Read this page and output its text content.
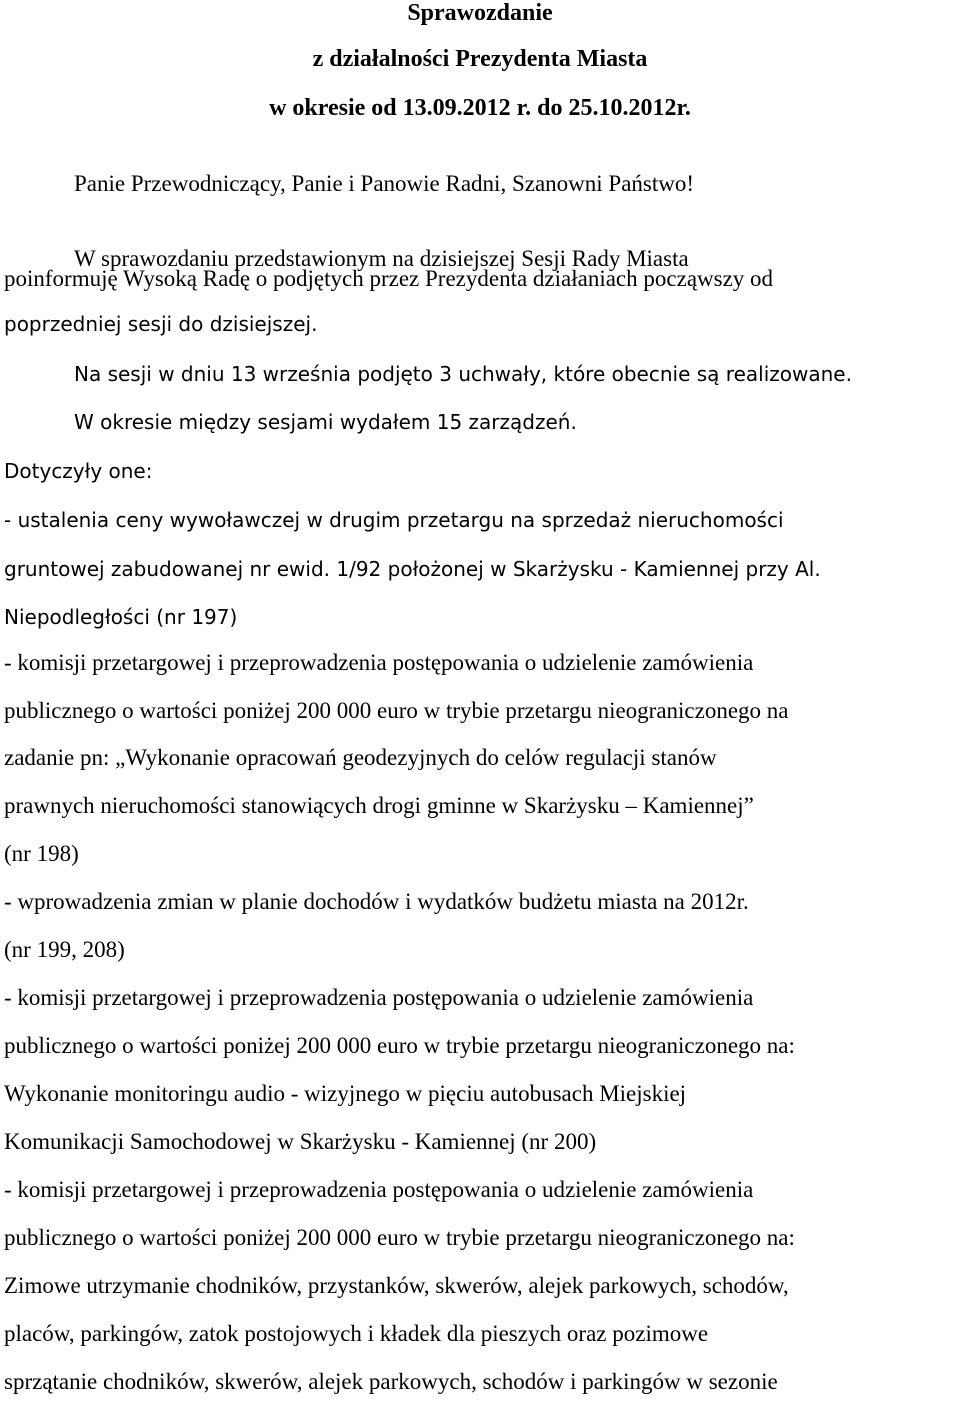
Sprawozdanie
z działalności Prezydenta Miasta
w okresie od 13.09.2012 r. do 25.10.2012r.
Panie Przewodniczący, Panie i Panowie Radni, Szanowni Państwo!
W sprawozdaniu przedstawionym na dzisiejszej Sesji Rady Miasta
poinformuję Wysoką Radę o podjętych przez Prezydenta działaniach począwszy od
poprzedniej sesji do dzisiejszej.
Na sesji w dniu 13 września podjęto 3 uchwały, które obecnie są realizowane.
W okresie między sesjami wydałem 15 zarządzeń.
Dotyczyły one:
- ustalenia ceny wywoławczej w drugim przetargu na sprzedaż nieruchomości
gruntowej zabudowanej nr ewid. 1/92 położonej w Skarżysku - Kamiennej przy Al.
Niepodległości (nr 197)
- komisji przetargowej i przeprowadzenia postępowania o udzielenie zamówienia
publicznego o wartości poniżej 200 000 euro w trybie przetargu nieograniczonego na
zadanie pn: „Wykonanie opracowań geodezyjnych do celów regulacji stanów
prawnych nieruchomości stanowiących drogi gminne w Skarżysku – Kamiennej”
(nr 198)
- wprowadzenia zmian w planie dochodów i wydatków budżetu miasta na 2012r.
(nr 199, 208)
- komisji przetargowej i przeprowadzenia postępowania o udzielenie zamówienia
publicznego o wartości poniżej 200 000 euro w trybie przetargu nieograniczonego na:
Wykonanie monitoringu audio - wizyjnego w pięciu autobusach Miejskiej
Komunikacji Samochodowej w Skarżysku - Kamiennej (nr 200)
- komisji przetargowej i przeprowadzenia postępowania o udzielenie zamówienia
publicznego o wartości poniżej 200 000 euro w trybie przetargu nieograniczonego na:
Zimowe utrzymanie chodników, przystanków, skwerów, alejek parkowych, schodów,
placów, parkingów, zatok postojowych i kładek dla pieszych oraz pozimowe
sprzątanie chodników, skwerów, alejek parkowych, schodów i parkingów w sezonie
